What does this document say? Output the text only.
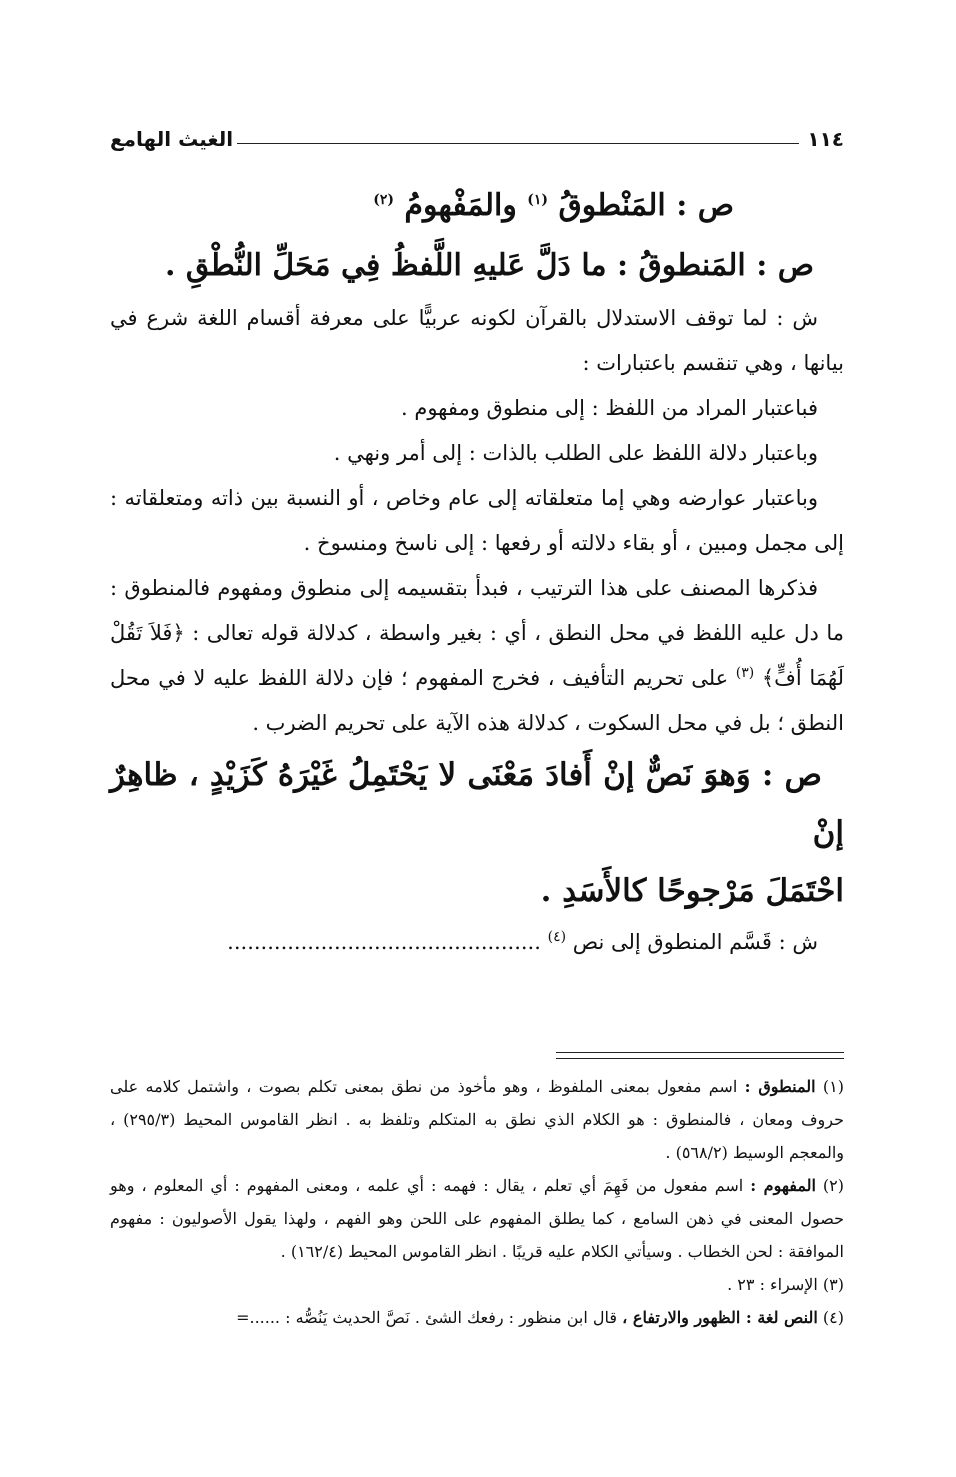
١١٤
الغيث الهامع

ص : المَنْطوقُ $^{(١)}$ والمَفْهومُ $^{(٢)}$

ص : المَنطوقُ : ما دَلَّ عَليهِ اللَّفظُ فِي مَحَلِّ النُّطْقِ .

ش : لما توقف الاستدلال بالقرآن لكونه عربيًّا على معرفة أقسام اللغة شرع في بيانها ، وهي تنقسم باعتبارات :

فباعتبار المراد من اللفظ : إلى منطوق ومفهوم .

وباعتبار دلالة اللفظ على الطلب بالذات : إلى أمر ونهي .

وباعتبار عوارضه وهي إما متعلقاته إلى عام وخاص ، أو النسبة بين ذاته ومتعلقاته : إلى مجمل ومبين ، أو بقاء دلالته أو رفعها : إلى ناسخ ومنسوخ .

فذكرها المصنف على هذا الترتيب ، فبدأ بتقسيمه إلى منطوق ومفهوم فالمنطوق : ما دل عليه اللفظ في محل النطق ، أي : بغير واسطة ، كدلالة قوله تعالى : ﴿فَلاَ تَقُلْ لَهُمَا أُفٍّ﴾ $^{(٣)}$ على تحريم التأفيف ، فخرج المفهوم ؛ فإن دلالة اللفظ عليه لا في محل النطق ؛ بل في محل السكوت ، كدلالة هذه الآية على تحريم الضرب .

ص : وَهوَ نَصٌّ إنْ أَفادَ مَعْنَى لا يَحْتَمِلُ غَيْرَهُ كَزَيْدٍ ، ظاهِرٌ إنْ
احْتَمَلَ مَرْجوحًا كالأَسَدِ .

ش : قَسَّم المنطوق إلى نص $^{(٤)}$ ...............................................

(١) المنطوق : اسم مفعول بمعنى الملفوظ ، وهو مأخوذ من نطق بمعنى تكلم بصوت ، واشتمل كلامه على حروف ومعان ، فالمنطوق : هو الكلام الذي نطق به المتكلم وتلفظ به . انظر القاموس المحيط (٢٩٥/٣) ، والمعجم الوسيط (٥٦٨/٢) .

(٢) المفهوم : اسم مفعول من فَهِمَ أي تعلم ، يقال : فهمه : أي علمه ، ومعنى المفهوم : أي المعلوم ، وهو حصول المعنى في ذهن السامع ، كما يطلق المفهوم على اللحن وهو الفهم ، ولهذا يقول الأصوليون : مفهوم الموافقة : لحن الخطاب . وسيأتي الكلام عليه قريبًا . انظر القاموس المحيط (١٦٢/٤) .

(٣) الإسراء : ٢٣ .

(٤) النص لغة : الظهور والارتفاع ، قال ابن منظور : رفعك الشئ . نَصَّ الحديث يَنُصُّه : ......=
